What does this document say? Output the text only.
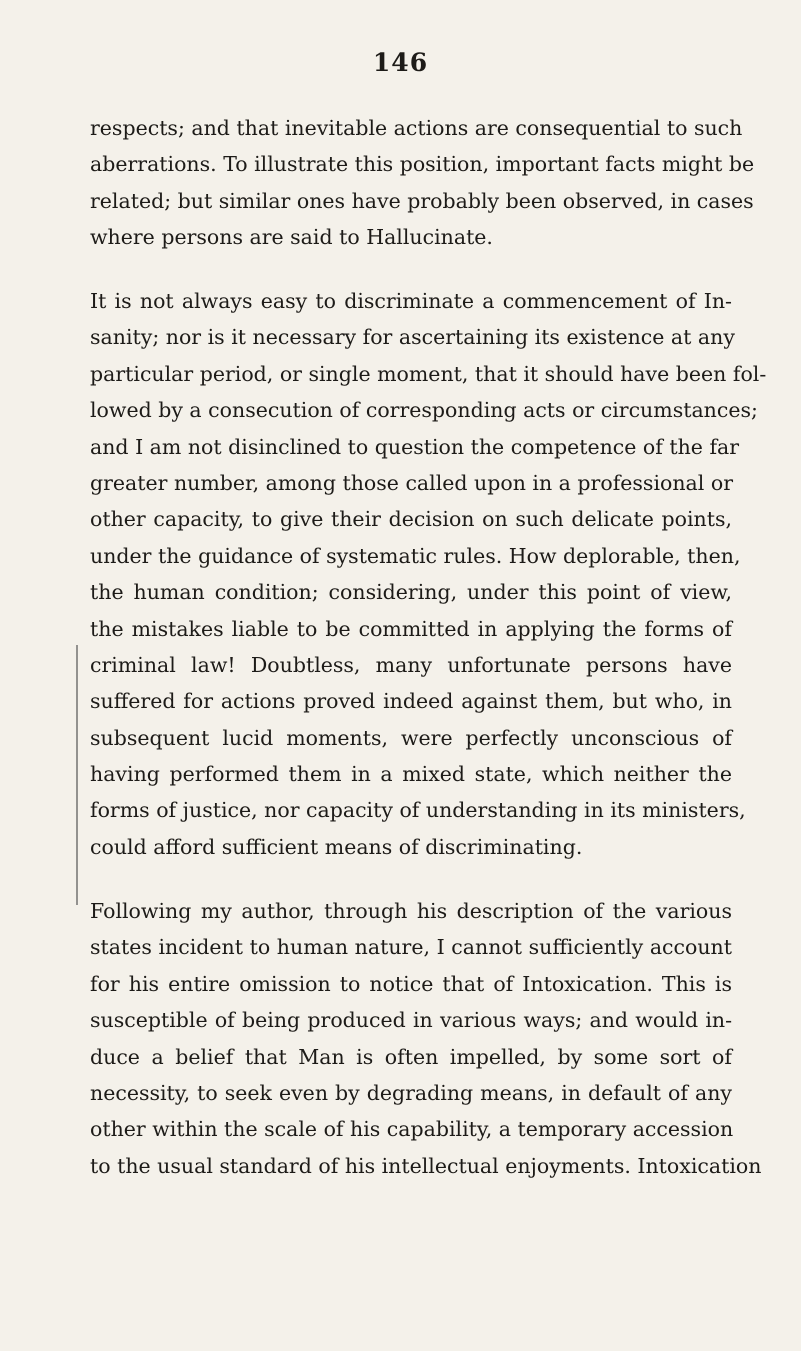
146
respects; and that inevitable actions are consequential to such
aberrations. To illustrate this position, important facts might be
related; but similar ones have probably been observed, in cases
where persons are said to Hallucinate.
It is not always easy to discriminate a commencement of In-
sanity; nor is it necessary for ascertaining its existence at any
particular period, or single moment, that it should have been fol-
lowed by a consecution of corresponding acts or circumstances;
and I am not disinclined to question the competence of the far
greater number, among those called upon in a professional or
other capacity, to give their decision on such delicate points,
under the guidance of systematic rules. How deplorable, then,
the human condition; considering, under this point of view,
the mistakes liable to be committed in applying the forms of
criminal law! Doubtless, many unfortunate persons have
suffered for actions proved indeed against them, but who, in
subsequent lucid moments, were perfectly unconscious of
having performed them in a mixed state, which neither the
forms of justice, nor capacity of understanding in its ministers,
could afford sufficient means of discriminating.
Following my author, through his description of the various
states incident to human nature, I cannot sufficiently account
for his entire omission to notice that of Intoxication. This is
susceptible of being produced in various ways; and would in-
duce a belief that Man is often impelled, by some sort of
necessity, to seek even by degrading means, in default of any
other within the scale of his capability, a temporary accession
to the usual standard of his intellectual enjoyments. Intoxication
